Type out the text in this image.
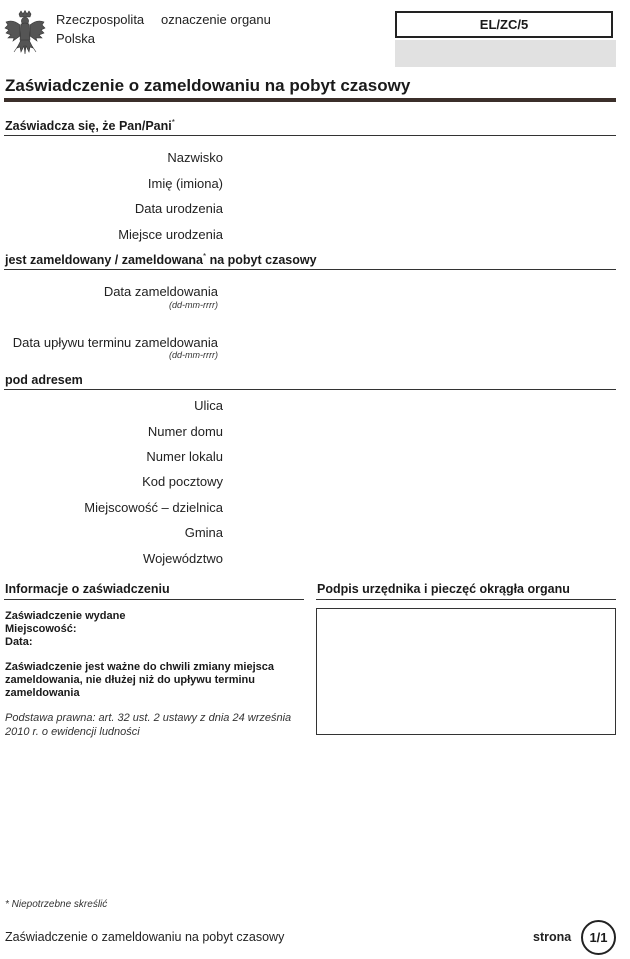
Rzeczpospolita
Polska
oznaczenie organu	EL/ZC/5
Zaświadczenie o zameldowaniu na pobyt czasowy
Zaświadcza się, że Pan/Pani*
Nazwisko
Imię (imiona)
Data urodzenia
Miejsce urodzenia
jest zameldowany / zameldowana* na pobyt czasowy
Data zameldowania
(dd-mm-rrrr)
Data upływu terminu zameldowania
(dd-mm-rrrr)
pod adresem
Ulica
Numer domu
Numer lokalu
Kod pocztowy
Miejscowość – dzielnica
Gmina
Województwo
Informacje o zaświadczeniu
Zaświadczenie wydane
Miejscowość:
Data:
Zaświadczenie jest ważne do chwili zmiany miejsca
zameldowania, nie dłużej niż do upływu terminu
zameldowania
Podstawa prawna: art. 32 ust. 2 ustawy z dnia 24 września
2010 r. o ewidencji ludności
Podpis urzędnika i pieczęć okrągła organu
* Niepotrzebne skreślić
Zaświadczenie o zameldowaniu na pobyt czasowy	strona	1/1
